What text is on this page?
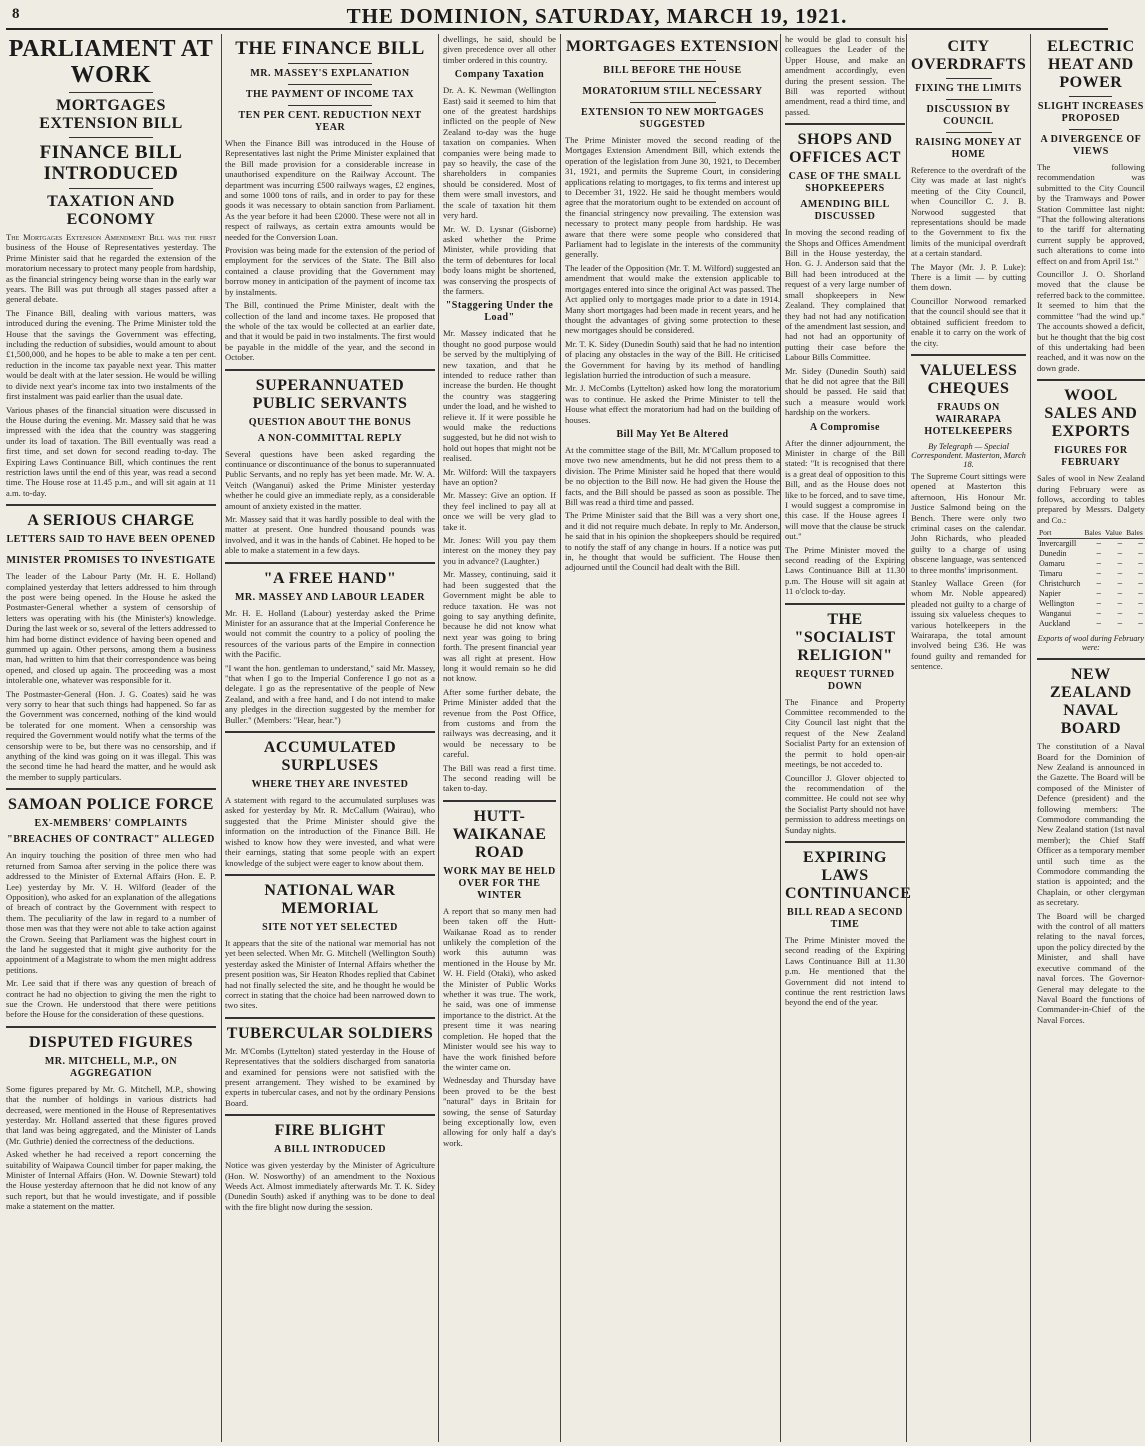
8	THE DOMINION, SATURDAY, MARCH 19, 1921.
PARLIAMENT AT WORK
MORTGAGES EXTENSION BILL
FINANCE BILL INTRODUCED
TAXATION AND ECONOMY

The Mortgages Extension Amendment Bill was the first business of the House of Representatives yesterday. The Prime Minister said that he regarded the extension of the moratorium necessary to protect many people from hardship, as the financial stringency being worse than in the early war years. The Bill was put through all stages passed after a general debate.

The Finance Bill, dealing with various matters, was introduced during the evening. The Prime Minister told the House that the savings the Government was effecting, including the reduction of subsidies, would amount to about £1,500,000, and he hopes to be able to make a ten per cent. reduction in the income tax payable next year. This matter would be dealt with at the later session. He would be willing to divide next year's income tax into two instalments of the first instalment was paid earlier than the usual date.

Various phases of the financial situation were discussed in the House during the evening. Mr. Massey said that he was impressed with the idea that the country was staggering under its load of taxation. The Bill eventually was read a first time, and set down for second reading to-day. The Expiring Laws Continuance Bill, which continues the rent restriction laws until the end of this year, was read a second time. The House rose at 11.45 p.m., and will sit again at 11 a.m. to-day.

A SERIOUS CHARGE
LETTERS SAID TO HAVE BEEN OPENED
MINISTER PROMISES TO INVESTIGATE

The leader of the Labour Party (Mr. H. E. Holland) complained yesterday that letters addressed to him through the post were being opened. In the House he asked the Postmaster-General whether a system of censorship of letters was operating with his (the Minister's) knowledge. During the last week or so, several of the letters addressed to him had borne distinct evidence of having been opened and gummed up again. Other persons, among them a business man, had written to him that their correspondence was being opened, and closed up again. The proceeding was a most intolerable one, whatever was responsible for it.

The Postmaster-General (Hon. J. G. Coates) said he was very sorry to hear that such things had happened. So far as the Government was concerned, nothing of the kind would be tolerated for one moment. When a censorship was required the Government would notify what the terms of the censorship were to be, but there was no censorship, and if anything of the kind was going on it was illegal. This was the second time he had heard the matter, and he would ask the member to supply particulars.

SAMOAN POLICE FORCE
EX-MEMBERS' COMPLAINTS
"BREACHES OF CONTRACT" ALLEGED

An inquiry touching the position of three men who had returned from Samoa after serving in the police there was addressed to the Minister of External Affairs (Hon. E. P. Lee) yesterday by Mr. V. H. Wilford (leader of the Opposition), who asked for an explanation of the allegations of breach of contract by the Government with respect to them. The peculiarity of the law in regard to a number of those men was that they were not able to take action against the Crown. Seeing that Parliament was the highest court in the land he suggested that it might give authority for the appointment of a Magistrate to whom the men might address petitions.

Mr. Lee said that if there was any question of breach of contract he had no objection to giving the men the right to sue the Crown. He understood that there were petitions before the House for the consideration of these questions.

DISPUTED FIGURES
MR. MITCHELL, M.P., ON AGGREGATION

Some figures prepared by Mr. G. Mitchell, M.P., showing that the number of holdings in various districts had decreased, were mentioned in the House of Representatives yesterday. Mr. Holland asserted that these figures proved that land was being aggregated, and the Minister of Lands (Mr. Guthrie) denied the correctness of the deductions.

Asked whether he had received a report concerning the suitability of Waipawa Council timber for paper making, the Minister of Internal Affairs (Hon. W. Downie Stewart) told the House yesterday afternoon that he did not know of any such report, but that he would investigate, and if possible make a statement on the matter.

THE FINANCE BILL
MR. MASSEY'S EXPLANATION
THE PAYMENT OF INCOME TAX
TEN PER CENT. REDUCTION NEXT YEAR

When the Finance Bill was introduced in the House of Representatives last night the Prime Minister explained that the Bill made provision for a considerable increase in unauthorised expenditure on the Railway Account. The department was incurring £500 railways wages, £2 engines, and some 1000 tons of rails, and in order to pay for these goods it was necessary to obtain sanction from Parliament. As the year before it had been £2000. These were not all in respect of railways, as certain extra amounts would be needed for the Conversion Loan.

Provision was being made for the extension of the period of employment for the services of the State. The Bill also contained a clause providing that the Government may borrow money in anticipation of the payment of income tax by instalments.

The Bill, continued the Prime Minister, dealt with the collection of the land and income taxes. He proposed that the whole of the tax would be collected at an earlier date, and that it would be paid in two instalments. The first would be payable in the middle of the year, and the second in October.

SUPERANNUATED PUBLIC SERVANTS
QUESTION ABOUT THE BONUS
A NON-COMMITTAL REPLY

Several questions have been asked regarding the continuance or discontinuance of the bonus to superannuated Public Servants, and no reply has yet been made. Mr. W. A. Veitch (Wanganui) asked the Prime Minister yesterday whether he could give an immediate reply, as a considerable amount of anxiety existed in the matter.

Mr. Massey said that it was hardly possible to deal with the matter at present. One hundred thousand pounds was involved, and it was in the hands of Cabinet. He hoped to be able to make a statement in a few days.

"A FREE HAND"
MR. MASSEY AND LABOUR LEADER

Mr. H. E. Holland (Labour) yesterday asked the Prime Minister for an assurance that at the Imperial Conference he would not commit the country to a policy of pooling the resources of the various parts of the Empire in connection with the Pacific.

"I want the hon. gentleman to understand," said Mr. Massey, "that when I go to the Imperial Conference I go not as a delegate. I go as the representative of the people of New Zealand, and with a free hand, and I do not intend to make any pledges in the direction suggested by the member for Buller." (Members: "Hear, hear.")

ACCUMULATED SURPLUSES
WHERE THEY ARE INVESTED

A statement with regard to the accumulated surpluses was asked for yesterday by Mr. R. McCallum (Wairau), who suggested that the Prime Minister should give the information on the introduction of the Finance Bill. He wished to know how they were invested, and what were their earnings, stating that some people with an expert knowledge of the subject were eager to know about them.

NATIONAL WAR MEMORIAL
SITE NOT YET SELECTED

It appears that the site of the national war memorial has not yet been selected. When Mr. G. Mitchell (Wellington South) yesterday asked the Minister of Internal Affairs whether the present position was, Sir Heaton Rhodes replied that Cabinet had not finally selected the site, and he thought he would be correct in stating that the choice had been narrowed down to two sites.

TUBERCULAR SOLDIERS

Mr. M'Combs (Lyttelton) stated yesterday in the House of Representatives that the soldiers discharged from sanatoria and examined for pensions were not satisfied with the present arrangement. They wished to be examined by experts in tubercular cases, and not by the ordinary Pensions Board.

FIRE BLIGHT
A BILL INTRODUCED

Notice was given yesterday by the Minister of Agriculture (Hon. W. Nosworthy) of an amendment to the Noxious Weeds Act. Almost immediately afterwards Mr. T. K. Sidey (Dunedin South) asked if anything was to be done to deal with the fire blight now during the session.

dwellings, he said, should be given precedence over all other timber ordered in this country.

Company Taxation

Dr. A. K. Newman (Wellington East) said it seemed to him that one of the greatest hardships inflicted on the people of New Zealand to-day was the huge taxation on companies. When companies were being made to pay so heavily, the case of the shareholders in companies should be considered. Most of them were small investors, and the scale of taxation hit them very hard.

Mr. W. D. Lysnar (Gisborne) asked whether the Prime Minister, while providing that the term of debentures for local body loans might be shortened, was conserving the prospects of the farmers.

"Staggering Under the Load"

Mr. Massey indicated that he thought no good purpose would be served by the multiplying of new taxation, and that he intended to reduce rather than increase the burden. He thought the country was staggering under the load, and he wished to relieve it. If it were possible he would make the reductions suggested, but he did not wish to hold out hopes that might not be realised.

Mr. Wilford: Will the taxpayers have an option?

Mr. Massey: Give an option. If they feel inclined to pay all at once we will be very glad to take it.

Mr. Jones: Will you pay them interest on the money they pay you in advance? (Laughter.)

Mr. Massey, continuing, said it had been suggested that the Government might be able to reduce taxation. He was not going to say anything definite, because he did not know what next year was going to bring forth. The present financial year was all right at present. How long it would remain so he did not know.

After some further debate, the Prime Minister added that the revenue from the Post Office, from customs and from the railways was decreasing, and it would be necessary to be careful.

The Bill was read a first time. The second reading will be taken to-day.

HUTT-WAIKANAE ROAD
WORK MAY BE HELD OVER FOR THE WINTER

A report that so many men had been taken off the Hutt-Waikanae Road as to render unlikely the completion of the work this autumn was mentioned in the House by Mr. W. H. Field (Otaki), who asked the Minister of Public Works whether it was true. The work, he said, was one of immense importance to the district. At the present time it was nearing completion. He hoped that the Minister would see his way to have the work finished before the winter came on.

Wednesday and Thursday have been proved to be the best "natural" days in Britain for sowing, the sense of Saturday being exceptionally low, even allowing for only half a day's work.

MORTGAGES EXTENSION
BILL BEFORE THE HOUSE
MORATORIUM STILL NECESSARY
EXTENSION TO NEW MORTGAGES SUGGESTED

The Prime Minister moved the second reading of the Mortgages Extension Amendment Bill, which extends the operation of the legislation from June 30, 1921, to December 31, 1921, and permits the Supreme Court, in considering applications relating to mortgages, to fix terms and interest up to December 31, 1922. He said he thought members would agree that the moratorium ought to be extended on account of the financial stringency now prevailing. The extension was necessary to protect many people from hardship. He was aware that there were some people who considered that Parliament had to legislate in the interests of the community generally.

The leader of the Opposition (Mr. T. M. Wilford) suggested an amendment that would make the extension applicable to mortgages entered into since the original Act was passed. The Act applied only to mortgages made prior to a date in 1914. Many short mortgages had been made in recent years, and he thought the advantages of giving some protection to these new mortgages should be considered.

Mr. T. K. Sidey (Dunedin South) said that he had no intention of placing any obstacles in the way of the Bill. He criticised the Government for having by its method of handling legislation hurried the introduction of such a measure.

Mr. J. McCombs (Lyttelton) asked how long the moratorium was to continue. He asked the Prime Minister to tell the House what effect the moratorium had had on the building of houses.

Bill May Yet Be Altered

At the committee stage of the Bill, Mr. M'Callum proposed to move two new amendments, but he did not press them to a division. The Prime Minister said he hoped that there would be no objection to the Bill now. He had given the House the facts, and the Bill should be passed as soon as possible. The Bill was read a third time and passed.

The Prime Minister said that the Bill was a very short one, and it did not require much debate. In reply to Mr. Anderson, he said that in his opinion the shopkeepers should be required to notify the staff of any change in hours. If a notice was put in, he thought that would be sufficient. The House then adjourned until the Council had dealt with the Bill.

he would be glad to consult his colleagues the Leader of the Upper House, and make an amendment accordingly, even during the present session. The Bill was reported without amendment, read a third time, and passed.

SHOPS AND OFFICES ACT
CASE OF THE SMALL SHOPKEEPERS
AMENDING BILL DISCUSSED

In moving the second reading of the Shops and Offices Amendment Bill in the House yesterday, the Hon. G. J. Anderson said that the Bill had been introduced at the request of a very large number of small shopkeepers in New Zealand. They complained that they had not had any notification of the amendment last session, and had not had an opportunity of putting their case before the Labour Bills Committee.

Mr. Sidey (Dunedin South) said that he did not agree that the Bill should be passed. He said that such a measure would work hardship on the workers.

A Compromise

After the dinner adjournment, the Minister in charge of the Bill stated: "It is recognised that there is a great deal of opposition to this Bill, and as the House does not like to be forced, and to save time, I would suggest a compromise in this case. If the House agrees I will move that the clause be struck out."

The Prime Minister moved the second reading of the Expiring Laws Continuance Bill at 11.30 p.m. The House will sit again at 11 o'clock to-day.

THE "SOCIALIST RELIGION"
REQUEST TURNED DOWN

The Finance and Property Committee recommended to the City Council last night that the request of the New Zealand Socialist Party for an extension of the permit to hold open-air meetings, be not acceded to.

Councillor J. Glover objected to the recommendation of the committee. He could not see why the Socialist Party should not have permission to address meetings on Sunday nights.

EXPIRING LAWS CONTINUANCE
BILL READ A SECOND TIME

The Prime Minister moved the second reading of the Expiring Laws Continuance Bill at 11.30 p.m. He mentioned that the Government did not intend to continue the rent restriction laws beyond the end of the year.

CITY OVERDRAFTS
FIXING THE LIMITS
DISCUSSION BY COUNCIL
RAISING MONEY AT HOME

Reference to the overdraft of the City was made at last night's meeting of the City Council, when Councillor C. J. B. Norwood suggested that representations should be made to the Government to fix the limits of the municipal overdraft at a certain standard.

The Mayor (Mr. J. P. Luke): There is a limit — by cutting them down.

Councillor Norwood remarked that the council should see that it obtained sufficient freedom to enable it to carry on the work of the city.

VALUELESS CHEQUES
FRAUDS ON WAIRARAPA HOTELKEEPERS
By Telegraph — Special Correspondent. Masterton, March 18.

The Supreme Court sittings were opened at Masterton this afternoon, His Honour Mr. Justice Salmond being on the Bench. There were only two criminal cases on the calendar. John Richards, who pleaded guilty to a charge of using obscene language, was sentenced to three months' imprisonment.

Stanley Wallace Green (for whom Mr. Noble appeared) pleaded not guilty to a charge of issuing six valueless cheques to various hotelkeepers in the Wairarapa, the total amount involved being £36. He was found guilty and remanded for sentence.

ELECTRIC HEAT AND POWER
SLIGHT INCREASES PROPOSED
A DIVERGENCE OF VIEWS

The following recommendation was submitted to the City Council by the Tramways and Power Station Committee last night: "That the following alterations to the tariff for alternating current supply be approved, such alterations to come into effect on and from April 1st."

Councillor J. O. Shorland moved that the clause be referred back to the committee. It seemed to him that the committee "had the wind up." The accounts showed a deficit, but he thought that the big cost of this undertaking had been reached, and it was now on the down grade.

WOOL SALES AND EXPORTS
FIGURES FOR FEBRUARY

Sales of wool in New Zealand during February were as follows, according to tables prepared by Messrs. Dalgety and Co.:

Port	Bales	Value	Bales
Invercargill	—	—	—
Dunedin	—	—	—
Oamaru	—	—	—
Timaru	—	—	—
Christchurch	—	—	—
Napier	—	—	—
Wellington	—	—	—
Wanganui	—	—	—
Auckland	—	—	—
Exports of wool during February were:
NEW ZEALAND NAVAL BOARD

The constitution of a Naval Board for the Dominion of New Zealand is announced in the Gazette. The Board will be composed of the Minister of Defence (president) and the following members: The Commodore commanding the New Zealand station (1st naval member); the Chief Staff Officer as a temporary member until such time as the Commodore commanding the station is appointed; and the Chaplain, or other clergyman as secretary.

The Board will be charged with the control of all matters relating to the naval forces, upon the policy directed by the Minister, and shall have executive command of the naval forces. The Governor-General may delegate to the Naval Board the functions of Commander-in-Chief of the Naval Forces.
